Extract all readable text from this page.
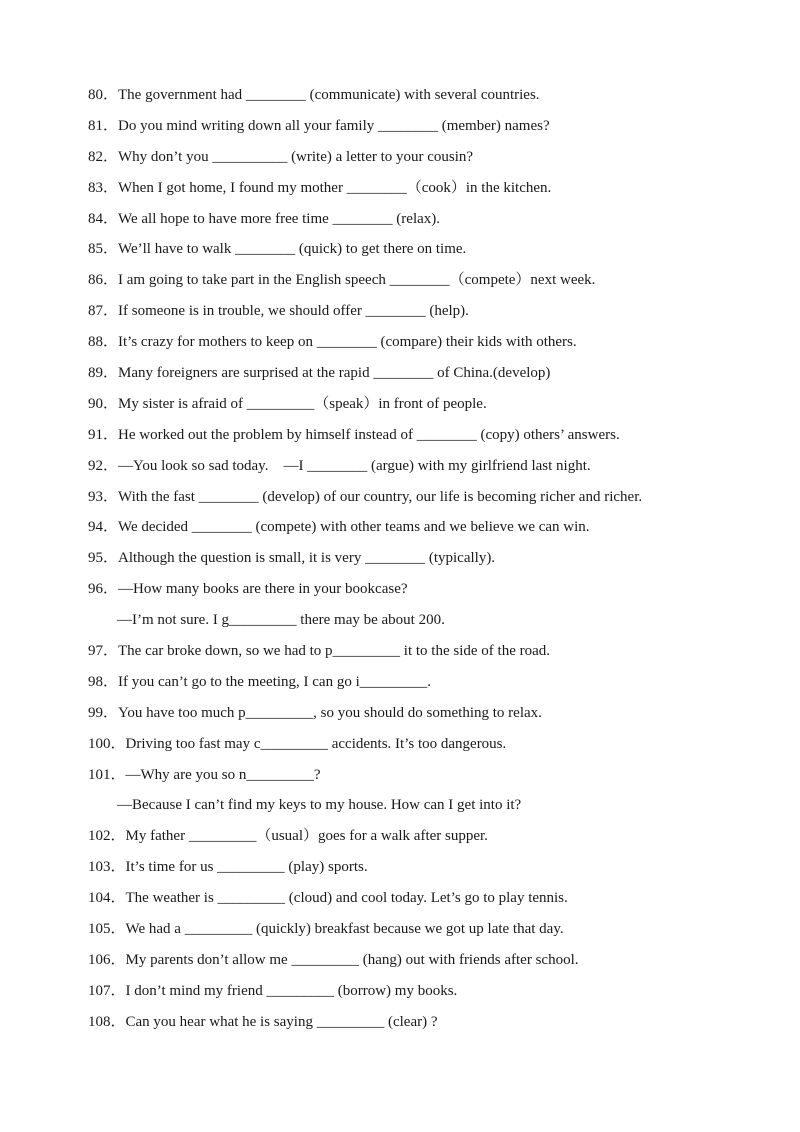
80．The government had ________ (communicate) with several countries.
81．Do you mind writing down all your family ________ (member) names?
82．Why don’t you __________ (write) a letter to your cousin?
83．When I got home, I found my mother ________（cook）in the kitchen.
84．We all hope to have more free time ________ (relax).
85．We’ll have to walk ________ (quick) to get there on time.
86．I am going to take part in the English speech ________（compete）next week.
87．If someone is in trouble, we should offer ________ (help).
88．It’s crazy for mothers to keep on ________ (compare) their kids with others.
89．Many foreigners are surprised at the rapid ________ of China.(develop)
90．My sister is afraid of _________（speak）in front of people.
91．He worked out the problem by himself instead of ________ (copy) others’ answers.
92．—You look so sad today.　—I ________ (argue) with my girlfriend last night.
93．With the fast ________ (develop) of our country, our life is becoming richer and richer.
94．We decided ________ (compete) with other teams and we believe we can win.
95．Although the question is small, it is very ________ (typically).
96．—How many books are there in your bookcase?
—I’m not sure. I g_________ there may be about 200.
97．The car broke down, so we had to p_________ it to the side of the road.
98．If you can’t go to the meeting, I can go i_________.
99．You have too much p_________, so you should do something to relax.
100．Driving too fast may c_________ accidents. It’s too dangerous.
101．—Why are you so n_________?
—Because I can’t find my keys to my house. How can I get into it?
102．My father _________（usual）goes for a walk after supper.
103．It’s time for us _________ (play) sports.
104．The weather is _________ (cloud) and cool today. Let’s go to play tennis.
105．We had a _________ (quickly) breakfast because we got up late that day.
106．My parents don’t allow me _________ (hang) out with friends after school.
107．I don’t mind my friend _________ (borrow) my books.
108．Can you hear what he is saying _________ (clear) ?
